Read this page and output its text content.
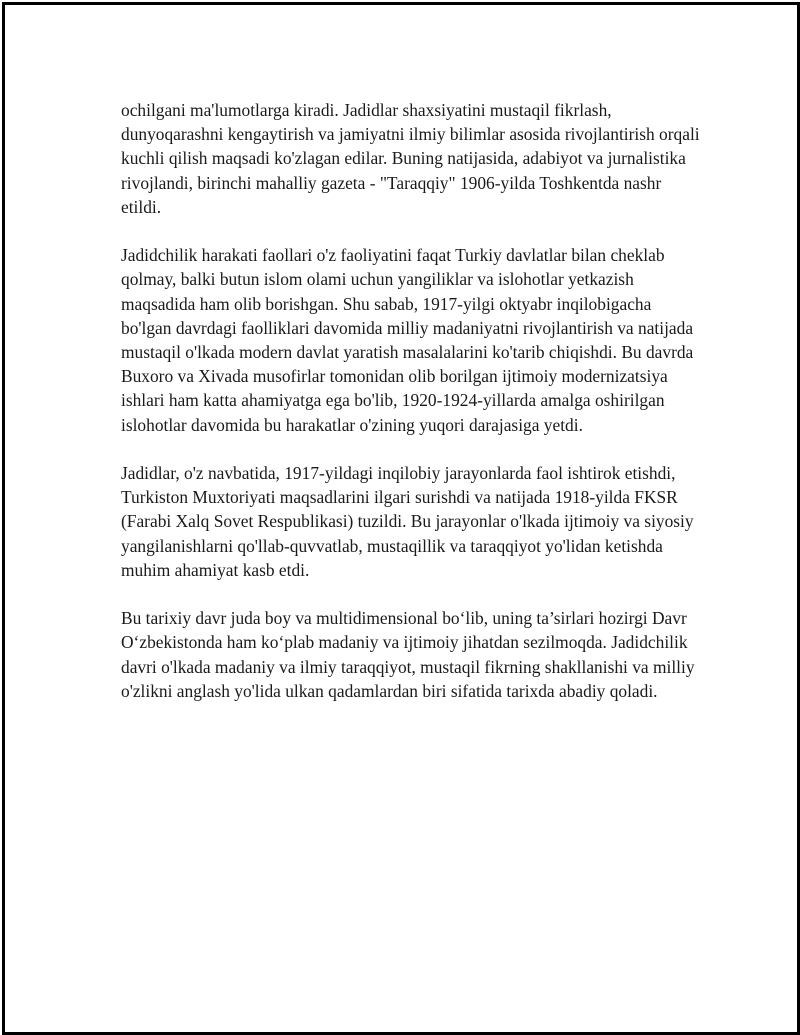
ochilgani ma'lumotlarga kiradi. Jadidlar shaxsiyatini mustaqil fikrlash, dunyoqarashni kengaytirish va jamiyatni ilmiy bilimlar asosida rivojlantirish orqali kuchli qilish maqsadi ko'zlagan edilar. Buning natijasida, adabiyot va jurnalistika rivojlandi, birinchi mahalliy gazeta - "Taraqqiy" 1906-yilda Toshkentda nashr etildi.

Jadidchilik harakati faollari o'z faoliyatini faqat Turkiy davlatlar bilan cheklab qolmay, balki butun islom olami uchun yangiliklar va islohotlar yetkazish maqsadida ham olib borishgan. Shu sabab, 1917-yilgi oktyabr inqilobigacha bo'lgan davrdagi faolliklari davomida milliy madaniyatni rivojlantirish va natijada mustaqil o'lkada modern davlat yaratish masalalarini ko'tarib chiqishdi. Bu davrda Buxoro va Xivada musofirlar tomonidan olib borilgan ijtimoiy modernizatsiya ishlari ham katta ahamiyatga ega bo'lib, 1920-1924-yillarda amalga oshirilgan islohotlar davomida bu harakatlar o'zining yuqori darajasiga yetdi.

Jadidlar, o'z navbatida, 1917-yildagi inqilobiy jarayonlarda faol ishtirok etishdi, Turkiston Muxtoriyati maqsadlarini ilgari surishdi va natijada 1918-yilda FKSR (Farabi Xalq Sovet Respublikasi) tuzildi. Bu jarayonlar o'lkada ijtimoiy va siyosiy yangilanishlarni qo'llab-quvvatlab, mustaqillik va taraqqiyot yo'lidan ketishda muhim ahamiyat kasb etdi.

Bu tarixiy davr juda boy va multidimensional bo‘lib, uning ta’sirlari hozirgi Davr O‘zbekistonda ham ko‘plab madaniy va ijtimoiy jihatdan sezilmoqda. Jadidchilik davri o'lkada madaniy va ilmiy taraqqiyot, mustaqil fikrning shakllanishi va milliy o'zlikni anglash yo'lida ulkan qadamlardan biri sifatida tarixda abadiy qoladi.
